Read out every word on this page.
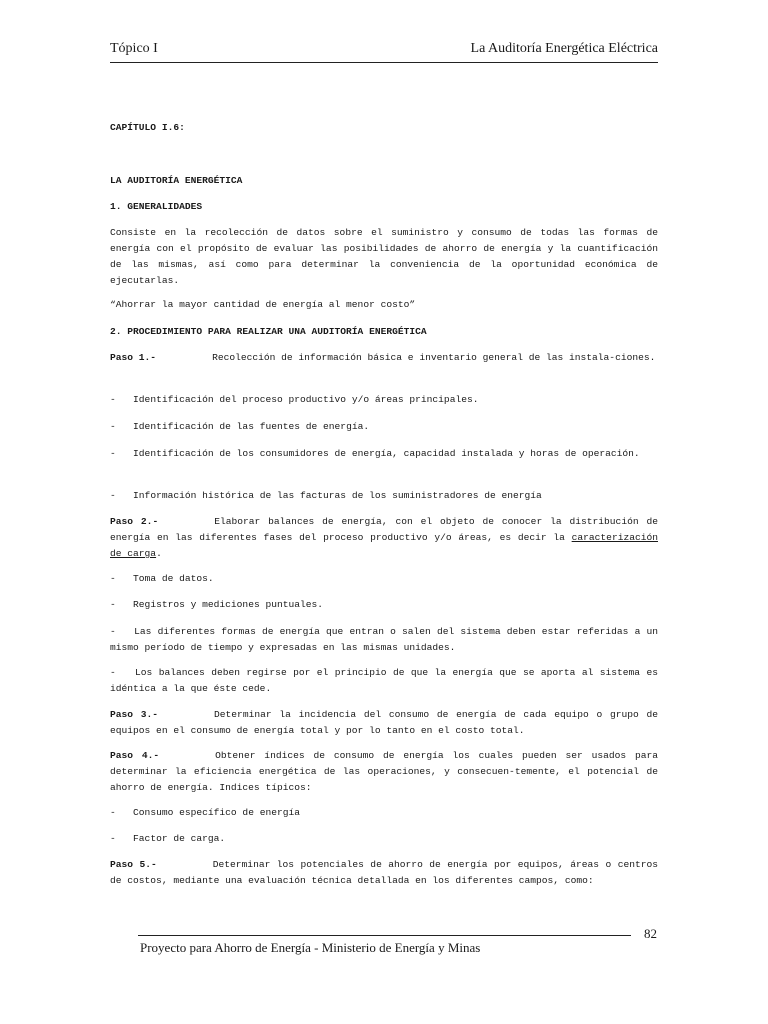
Tópico I	La Auditoría Energética Eléctrica
CAPÍTULO I.6:
LA AUDITORÍA ENERGÉTICA
1. GENERALIDADES
Consiste en la recolección de datos sobre el suministro y consumo de todas las formas de energía con el propósito de evaluar las posibilidades de ahorro de energía y la cuantificación de las mismas, así como para determinar la conveniencia de la oportunidad económica de ejecutarlas.
“Ahorrar la mayor cantidad de energía al menor costo”
2. PROCEDIMIENTO PARA REALIZAR UNA AUDITORÍA ENERGÉTICA
Paso 1.-	Recolección de información básica e inventario general de las instala-ciones.
- Identificación del proceso productivo y/o áreas principales.
- Identificación de las fuentes de energía.
- Identificación de los consumidores de energía, capacidad instalada y horas de operación.
- Información histórica de las facturas de los suministradores de energía
Paso 2.-	Elaborar balances de energía, con el objeto de conocer la distribución de energía en las diferentes fases del proceso productivo y/o áreas, es decir la caracterización de carga.
- Toma de datos.
- Registros y mediciones puntuales.
- Las diferentes formas de energía que entran o salen del sistema deben estar referidas a un mismo período de tiempo y expresadas en las mismas unidades.
- Los balances deben regirse por el principio de que la energía que se aporta al sistema es idéntica a la que éste cede.
Paso 3.-	Determinar la incidencia del consumo de energía de cada equipo o grupo de equipos en el consumo de energía total y por lo tanto en el costo total.
Paso 4.-	Obtener índices de consumo de energía los cuales pueden ser usados para determinar la eficiencia energética de las operaciones, y consecuen-temente, el potencial de ahorro de energía. Indices típicos:
- Consumo específico de energía
- Factor de carga.
Paso 5.-	Determinar los potenciales de ahorro de energía por equipos, áreas o centros de costos, mediante una evaluación técnica detallada en los diferentes campos, como:
82
Proyecto para Ahorro de Energía - Ministerio de Energía y Minas
